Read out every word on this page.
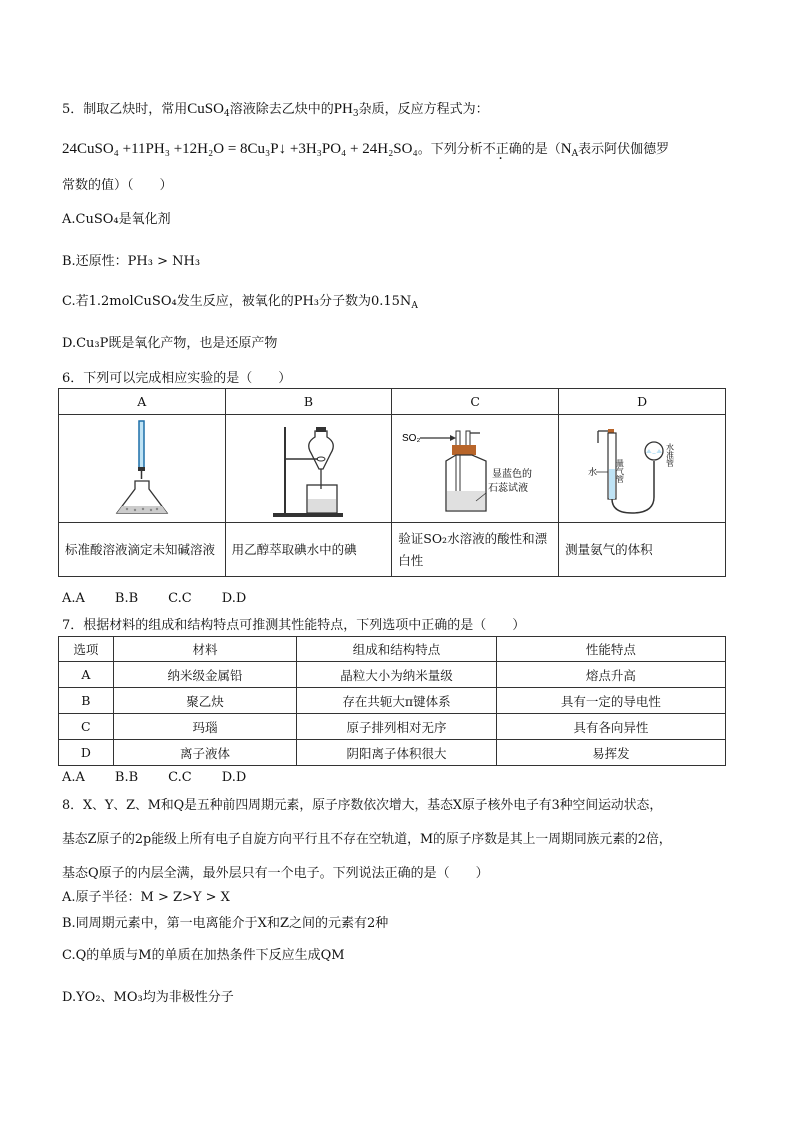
5．制取乙炔时，常用CuSO$_4$溶液除去乙炔中的$PH_3$杂质，反应方程式为：
24CuSO₄ +11PH₃ +12H₂O = 8Cu₃P↓ +3H₃PO₄ + 24H₂SO₄。下列分析不正确的是（$N_A$表示阿伏伽德罗
常数的值）（　　）
A.CuSO₄是氧化剂
B.还原性：PH₃ > NH₃
C.若1.2molCuSO₄发生反应，被氧化的PH₃分子数为$0.15N_A$
D.Cu₃P既是氧化产物，也是还原产物
6．下列可以完成相应实验的是（　　）
A	B	C	D

SO₂
显蓝色的
石蕊试液	水 量气管
水准管

标准酸溶液滴定未知碱溶液	用乙醇萃取碘水中的碘	验证SO₂水溶液的酸性和漂白性	测量氨气的体积
A.A B.B C.C D.D
7．根据材料的组成和结构特点可推测其性能特点，下列选项中正确的是（　　）
选项	材料	组成和结构特点	性能特点
A	纳米级金属铅	晶粒大小为纳米量级	熔点升高
B	聚乙炔	存在共轭大π键体系	具有一定的导电性
C	玛瑙	原子排列相对无序	具有各向异性
D	离子液体	阴阳离子体积很大	易挥发
A.A B.B C.C D.D
8．X、Y、Z、M和Q是五种前四周期元素，原子序数依次增大，基态X原子核外电子有3种空间运动状态，
基态Z原子的2p能级上所有电子自旋方向平行且不存在空轨道，M的原子序数是其上一周期同族元素的2倍，
基态Q原子的内层全满，最外层只有一个电子。下列说法正确的是（　　）
A.原子半径：M > Z>Y > X
B.同周期元素中，第一电离能介于X和Z之间的元素有2种
C.Q的单质与M的单质在加热条件下反应生成QM
D.YO₂、MO₃均为非极性分子
